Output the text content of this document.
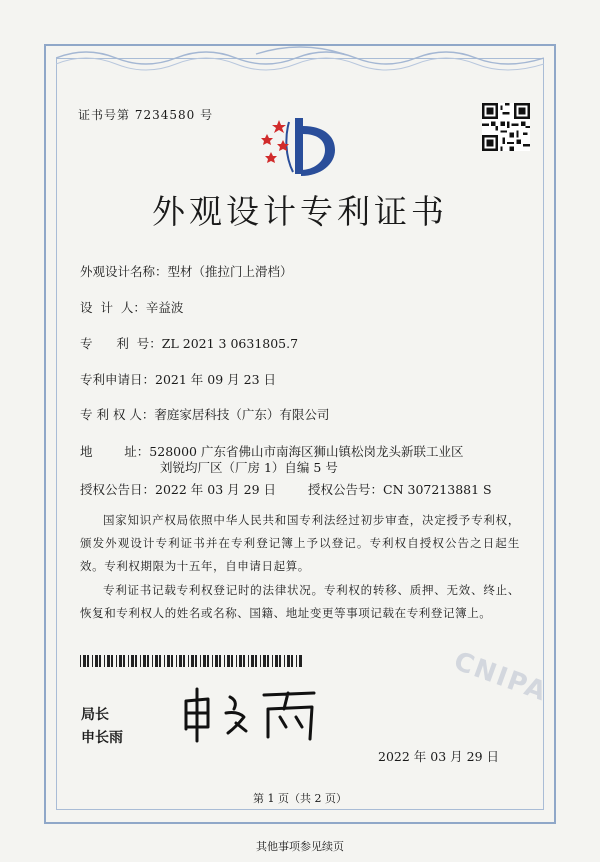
证书号第 7234580 号
外观设计专利证书
外观设计名称：型材（推拉门上滑档）
设  计  人：辛益波
专      利  号：ZL 2021 3 0631805.7
专利申请日：2021 年 09 月 23 日
专 利 权 人：奢庭家居科技（广东）有限公司
地        址：528000 广东省佛山市南海区狮山镇松岗龙头新联工业区
刘锐均厂区（厂房 1）自编 5 号
授权公告日：2022 年 03 月 29 日	授权公告号：CN 307213881 S
国家知识产权局依照中华人民共和国专利法经过初步审查，决定授予专利权，颁发外观设计专利证书并在专利登记簿上予以登记。专利权自授权公告之日起生效。专利权期限为十五年，自申请日起算。
专利证书记载专利权登记时的法律状况。专利权的转移、质押、无效、终止、恢复和专利权人的姓名或名称、国籍、地址变更等事项记载在专利登记簿上。
CNIPA
局长
申长雨
2022 年 03 月 29 日
第 1 页（共 2 页）
其他事项参见续页
